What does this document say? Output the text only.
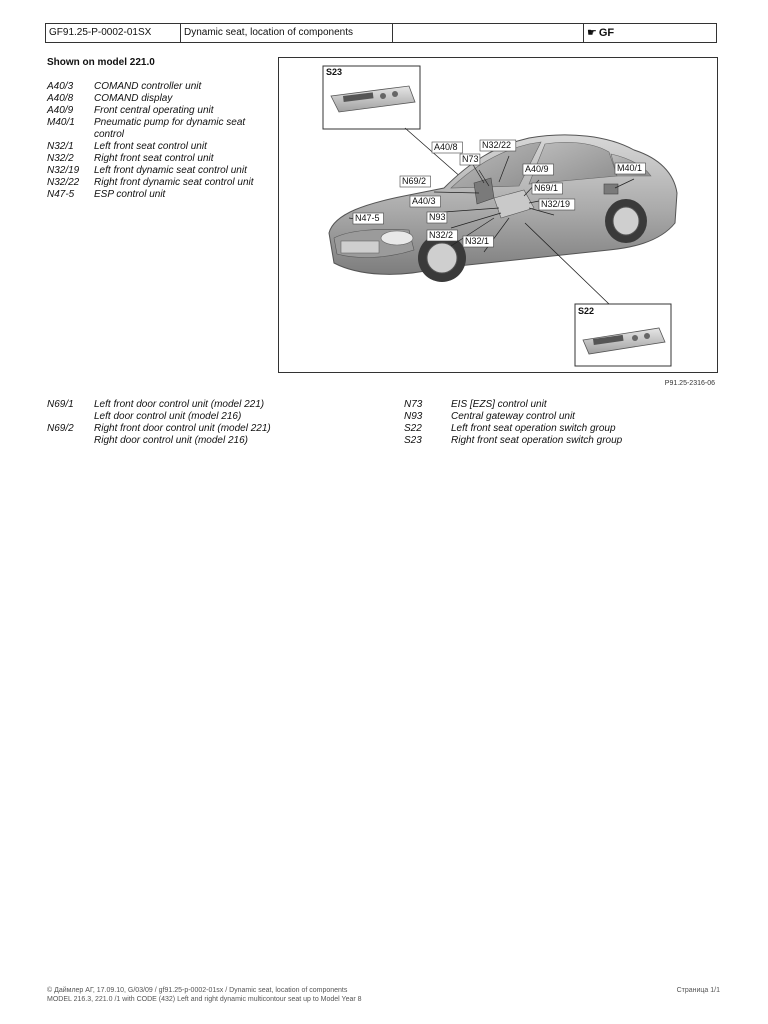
GF91.25-P-0002-01SX	Dynamic seat, location of components	☛ GF
Shown on model 221.0
A40/3	COMAND controller unit
A40/8	COMAND display
A40/9	Front central operating unit
M40/1	Pneumatic pump for dynamic seat control
N32/1	Left front seat control unit
N32/2	Right front seat control unit
N32/19	Left front dynamic seat control unit
N32/22	Right front dynamic seat control unit
N47-5	ESP control unit
S23
S22
A40/8	N32/22
N73
A40/9	M40/1
N69/2
N69/1
A40/3	N32/19
N47-5	N93
N32/2
N32/1
P91.25-2316-06
N69/1	Left front door control unit (model 221)
Left door control unit (model 216)
N69/2	Right front door control unit (model 221)
Right door control unit (model 216)
N73	EIS [EZS] control unit
N93	Central gateway control unit
S22	Left front seat operation switch group
S23	Right front seat operation switch group
© Даймлер АГ, 17.09.10, G/03/09 / gf91.25-p-0002-01sx / Dynamic seat, location of components
MODEL 216.3, 221.0 /1 with CODE (432) Left and right dynamic multicontour seat up to Model Year 8
Страница 1/1
